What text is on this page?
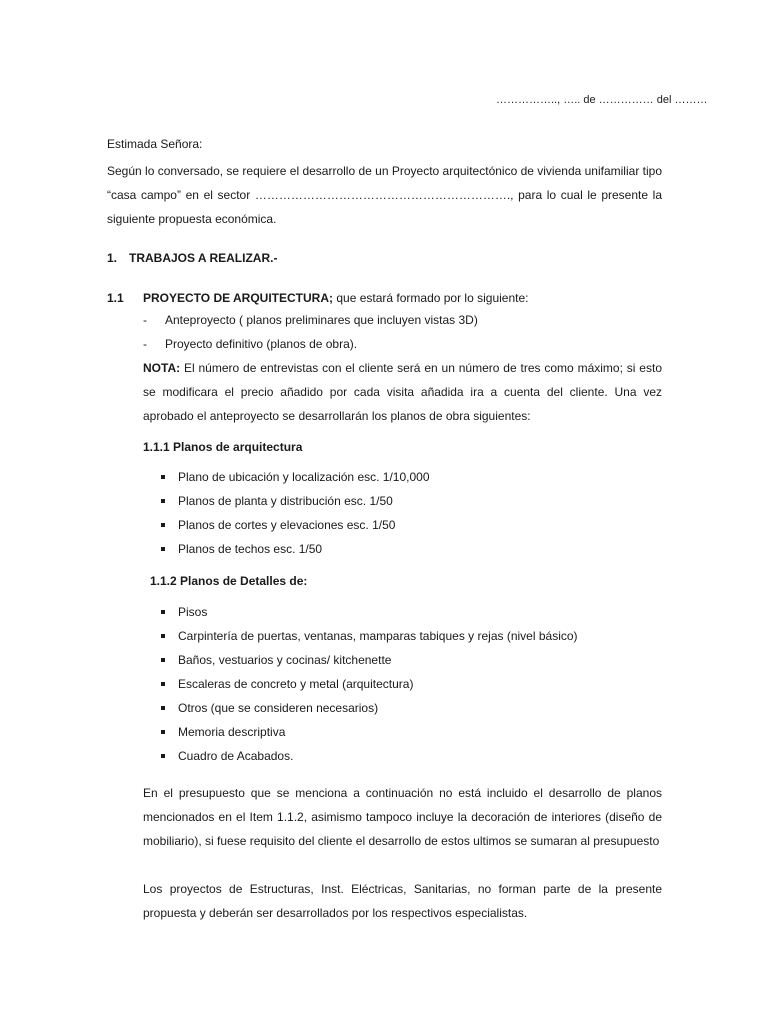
…………….., ….. de …………… del ………
Estimada Señora:
Según lo conversado, se requiere el desarrollo de un Proyecto arquitectónico de vivienda unifamiliar tipo “casa campo” en el sector ………………………………………………………., para lo cual le presente la siguiente propuesta económica.
1. TRABAJOS A REALIZAR.-
1.1 PROYECTO DE ARQUITECTURA; que estará formado por lo siguiente:
- Anteproyecto ( planos preliminares que incluyen vistas 3D)
- Proyecto definitivo (planos de obra).
NOTA: El número de entrevistas con el cliente será en un número de tres como máximo; si esto se modificara el precio añadido por cada visita añadida ira a cuenta del cliente. Una vez aprobado el anteproyecto se desarrollarán los planos de obra siguientes:
1.1.1 Planos de arquitectura
Plano de ubicación y localización esc. 1/10,000
Planos de planta y distribución esc. 1/50
Planos de cortes y elevaciones esc. 1/50
Planos de techos esc. 1/50
1.1.2 Planos de Detalles de:
Pisos
Carpintería de puertas, ventanas, mamparas tabiques y rejas (nivel básico)
Baños, vestuarios y cocinas/ kitchenette
Escaleras de concreto y metal (arquitectura)
Otros (que se consideren necesarios)
Memoria descriptiva
Cuadro de Acabados.
En el presupuesto que se menciona a continuación no está incluido el desarrollo de planos mencionados en el Item 1.1.2, asimismo tampoco incluye la decoración de interiores (diseño de mobiliario), si fuese requisito del cliente el desarrollo de estos ultimos se sumaran al presupuesto
Los proyectos de Estructuras, Inst. Eléctricas, Sanitarias, no forman parte de la presente propuesta y deberán ser desarrollados por los respectivos especialistas.
